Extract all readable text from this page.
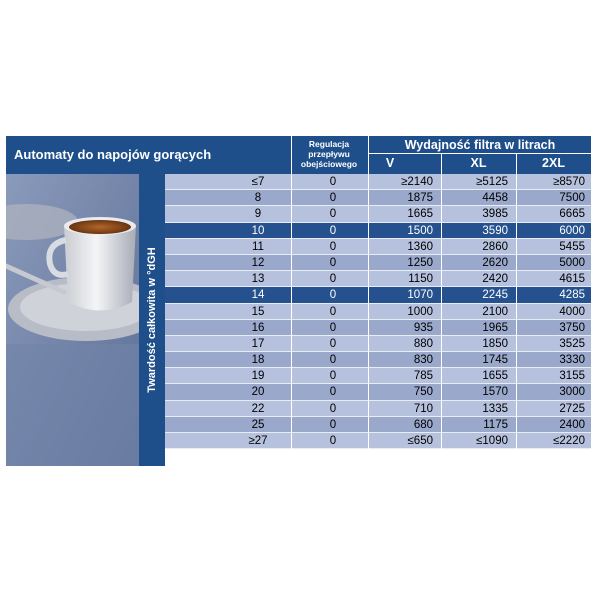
Automaty do napojów gorących
Regulacja przepływu obejściowego
Wydajność filtra w litrach
V	XL	2XL
Twardość całkowita w °dGH
≤7	0	≥2140	≥5125	≥8570
8	0	1875	4458	7500
9	0	1665	3985	6665
10	0	1500	3590	6000
11	0	1360	2860	5455
12	0	1250	2620	5000
13	0	1150	2420	4615
14	0	1070	2245	4285
15	0	1000	2100	4000
16	0	935	1965	3750
17	0	880	1850	3525
18	0	830	1745	3330
19	0	785	1655	3155
20	0	750	1570	3000
22	0	710	1335	2725
25	0	680	1175	2400
≥27	0	≤650	≤1090	≤2220
